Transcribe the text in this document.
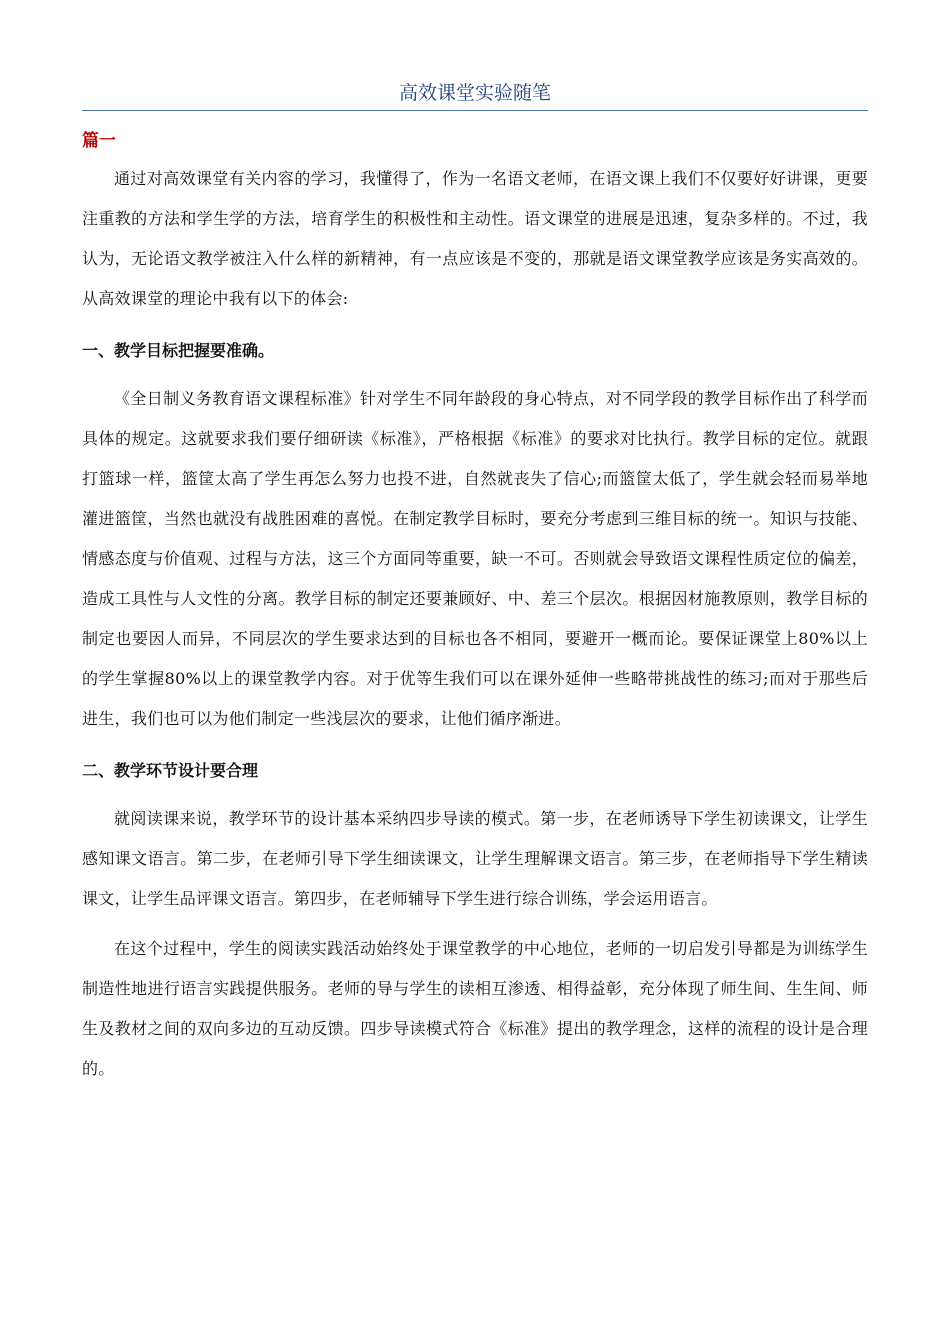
高效课堂实验随笔
篇一

通过对高效课堂有关内容的学习，我懂得了，作为一名语文老师，在语文课上我们不仅要好好讲课，更要注重教的方法和学生学的方法，培育学生的积极性和主动性。语文课堂的进展是迅速，复杂多样的。不过，我认为，无论语文教学被注入什么样的新精神，有一点应该是不变的，那就是语文课堂教学应该是务实高效的。从高效课堂的理论中我有以下的体会:

一、教学目标把握要准确。

《全日制义务教育语文课程标准》针对学生不同年龄段的身心特点，对不同学段的教学目标作出了科学而具体的规定。这就要求我们要仔细研读《标准》，严格根据《标准》的要求对比执行。教学目标的定位。就跟打篮球一样，篮筐太高了学生再怎么努力也投不进，自然就丧失了信心;而篮筐太低了，学生就会轻而易举地灌进篮筐，当然也就没有战胜困难的喜悦。在制定教学目标时，要充分考虑到三维目标的统一。知识与技能、情感态度与价值观、过程与方法，这三个方面同等重要，缺一不可。否则就会导致语文课程性质定位的偏差，造成工具性与人文性的分离。教学目标的制定还要兼顾好、中、差三个层次。根据因材施教原则，教学目标的制定也要因人而异，不同层次的学生要求达到的目标也各不相同，要避开一概而论。要保证课堂上80%以上的学生掌握80%以上的课堂教学内容。对于优等生我们可以在课外延伸一些略带挑战性的练习;而对于那些后进生，我们也可以为他们制定一些浅层次的要求，让他们循序渐进。

二、教学环节设计要合理

就阅读课来说，教学环节的设计基本采纳四步导读的模式。第一步，在老师诱导下学生初读课文，让学生感知课文语言。第二步，在老师引导下学生细读课文，让学生理解课文语言。第三步，在老师指导下学生精读课文，让学生品评课文语言。第四步，在老师辅导下学生进行综合训练，学会运用语言。

在这个过程中，学生的阅读实践活动始终处于课堂教学的中心地位，老师的一切启发引导都是为训练学生制造性地进行语言实践提供服务。老师的导与学生的读相互渗透、相得益彰，充分体现了师生间、生生间、师生及教材之间的双向多边的互动反馈。四步导读模式符合《标准》提出的教学理念，这样的流程的设计是合理的。
